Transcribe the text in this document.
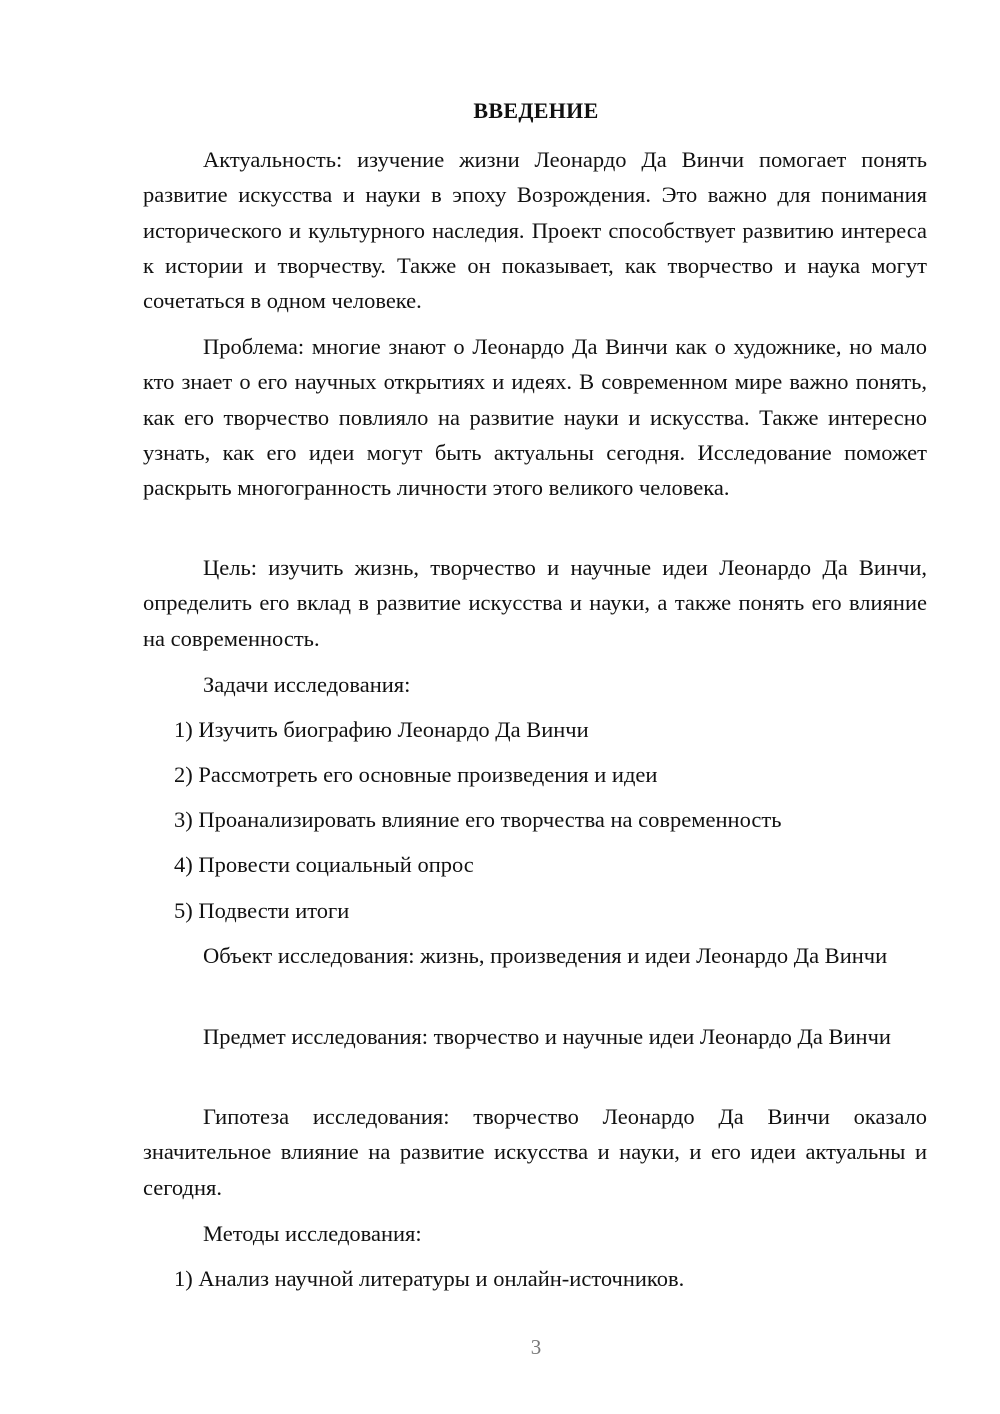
ВВЕДЕНИЕ

Актуальность: изучение жизни Леонардо Да Винчи помогает понять развитие искусства и науки в эпоху Возрождения. Это важно для понимания исторического и культурного наследия. Проект способствует развитию интереса к истории и творчеству. Также он показывает, как творчество и наука могут сочетаться в одном человеке.

Проблема: многие знают о Леонардо Да Винчи как о художнике, но мало кто знает о его научных открытиях и идеях. В современном мире важно понять, как его творчество повлияло на развитие науки и искусства. Также интересно узнать, как его идеи могут быть актуальны сегодня. Исследование поможет раскрыть многогранность личности этого великого человека.

Цель: изучить жизнь, творчество и научные идеи Леонардо Да Винчи, определить его вклад в развитие искусства и науки, а также понять его влияние на современность.

Задачи исследования:

1) Изучить биографию Леонардо Да Винчи

2) Рассмотреть его основные произведения и идеи

3) Проанализировать влияние его творчества на современность

4) Провести социальный опрос

5) Подвести итоги

Объект исследования: жизнь, произведения и идеи Леонардо Да Винчи

Предмет исследования: творчество и научные идеи Леонардо Да Винчи

Гипотеза исследования: творчество Леонардо Да Винчи оказало значительное влияние на развитие искусства и науки, и его идеи актуальны и сегодня.

Методы исследования:

1) Анализ научной литературы и онлайн-источников.

3
